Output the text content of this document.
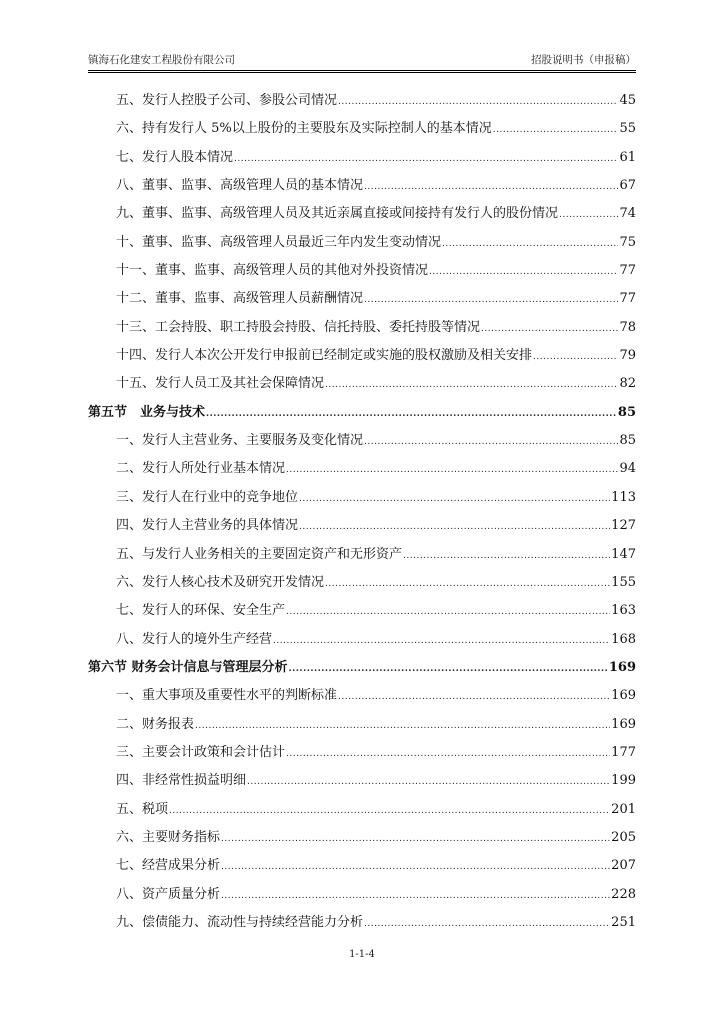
镇海石化建安工程股份有限公司	招股说明书（申报稿）
五、发行人控股子公司、参股公司情况 .....	45
六、持有发行人 5%以上股份的主要股东及实际控制人的基本情况 .....	55
七、发行人股本情况 .....	61
八、董事、监事、高级管理人员的基本情况 .....	67
九、董事、监事、高级管理人员及其近亲属直接或间接持有发行人的股份情况 .....	74
十、董事、监事、高级管理人员最近三年内发生变动情况 .....	75
十一、董事、监事、高级管理人员的其他对外投资情况 .....	77
十二、董事、监事、高级管理人员薪酬情况 .....	77
十三、工会持股、职工持股会持股、信托持股、委托持股等情况 .....	78
十四、发行人本次公开发行申报前已经制定或实施的股权激励及相关安排 .....	79
十五、发行人员工及其社会保障情况 .....	82
第五节　业务与技术 .....	85
一、发行人主营业务、主要服务及变化情况 .....	85
二、发行人所处行业基本情况 .....	94
三、发行人在行业中的竞争地位 .....	113
四、发行人主营业务的具体情况 .....	127
五、与发行人业务相关的主要固定资产和无形资产 .....	147
六、发行人核心技术及研究开发情况 .....	155
七、发行人的环保、安全生产 .....	163
八、发行人的境外生产经营 .....	168
第六节 财务会计信息与管理层分析 .....	169
一、重大事项及重要性水平的判断标准 .....	169
二、财务报表 .....	169
三、主要会计政策和会计估计 .....	177
四、非经常性损益明细 .....	199
五、税项 .....	201
六、主要财务指标 .....	205
七、经营成果分析 .....	207
八、资产质量分析 .....	228
九、偿债能力、流动性与持续经营能力分析 .....	251
1-1-4
